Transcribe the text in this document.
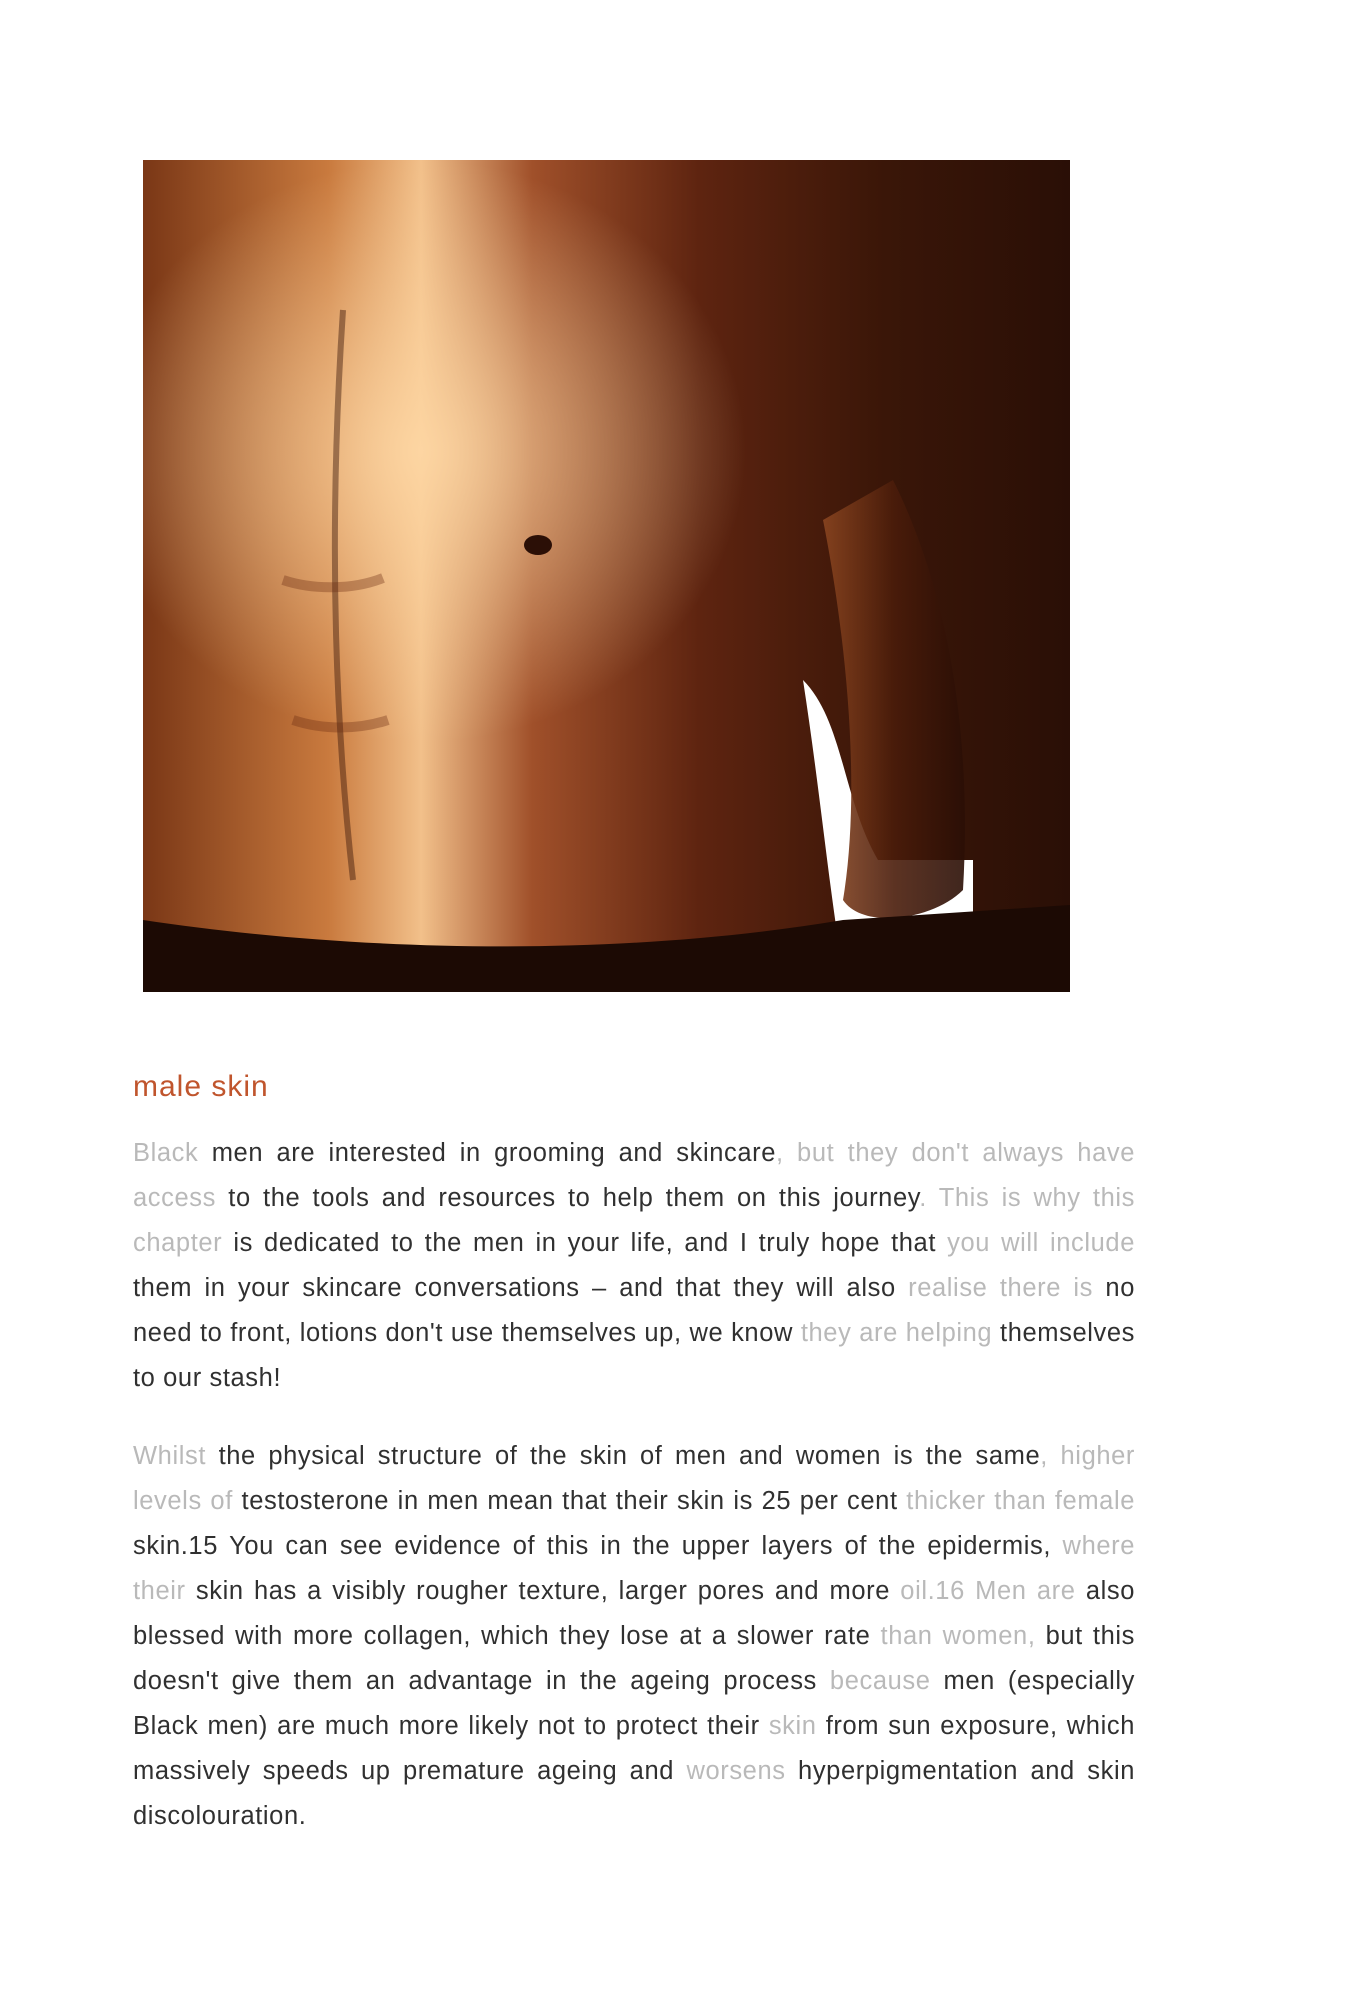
male skin

Black men are interested in grooming and skincare, but they don't always have access to the tools and resources to help them on this journey. This is why this chapter is dedicated to the men in your life, and I truly hope that you will include them in your skincare conversations – and that they will also realise there is no need to front, lotions don't use themselves up, we know they are helping themselves to our stash!

Whilst the physical structure of the skin of men and women is the same, higher levels of testosterone in men mean that their skin is 25 per cent thicker than female skin.15 You can see evidence of this in the upper layers of the epidermis, where their skin has a visibly rougher texture, larger pores and more oil.16 Men are also blessed with more collagen, which they lose at a slower rate than women, but this doesn't give them an advantage in the ageing process because men (especially Black men) are much more likely not to protect their skin from sun exposure, which massively speeds up premature ageing and worsens hyperpigmentation and skin discolouration.
